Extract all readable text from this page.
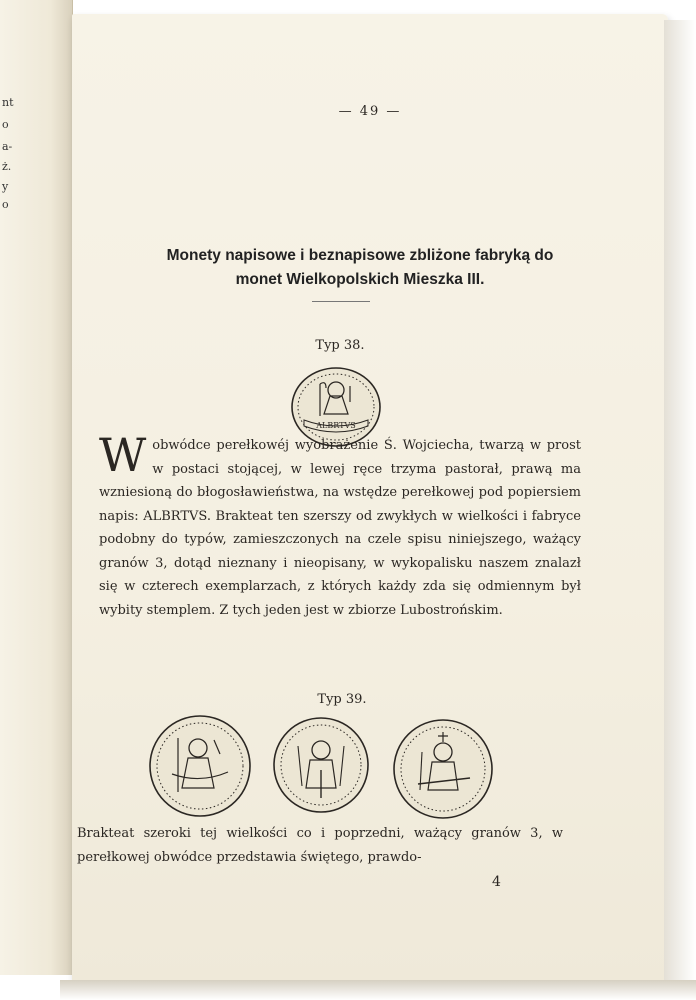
nt
o
a-
ż.
y
o
— 49 —
Monety napisowe i beznapisowe zbliżone fabryką do
monet Wielkopolskich Mieszka III.
Typ 38.
ALBRTVS
Wobwódce perełkowéj wyobrażenie Ś. Wojciecha, twarzą w prost w postaci stojącej, w lewej ręce trzyma pastorał, prawą ma wzniesioną do błogosławieństwa, na wstędze perełkowej pod popiersiem napis: ALBRTVS. Brakteat ten szerszy od zwykłych w wielkości i fabryce podobny do typów, zamieszczonych na czele spisu niniejszego, ważący granów 3, dotąd nieznany i nieopisany, w wykopalisku naszem znalazł się w czterech exemplarzach, z których każdy zda się odmiennym był wybity stemplem. Z tych jeden jest w zbiorze Lubostrońskim.
Typ 39.
Brakteat szeroki tej wielkości co i poprzedni, ważący granów 3, w perełkowej obwódce przedstawia świętego, prawdo-
4
